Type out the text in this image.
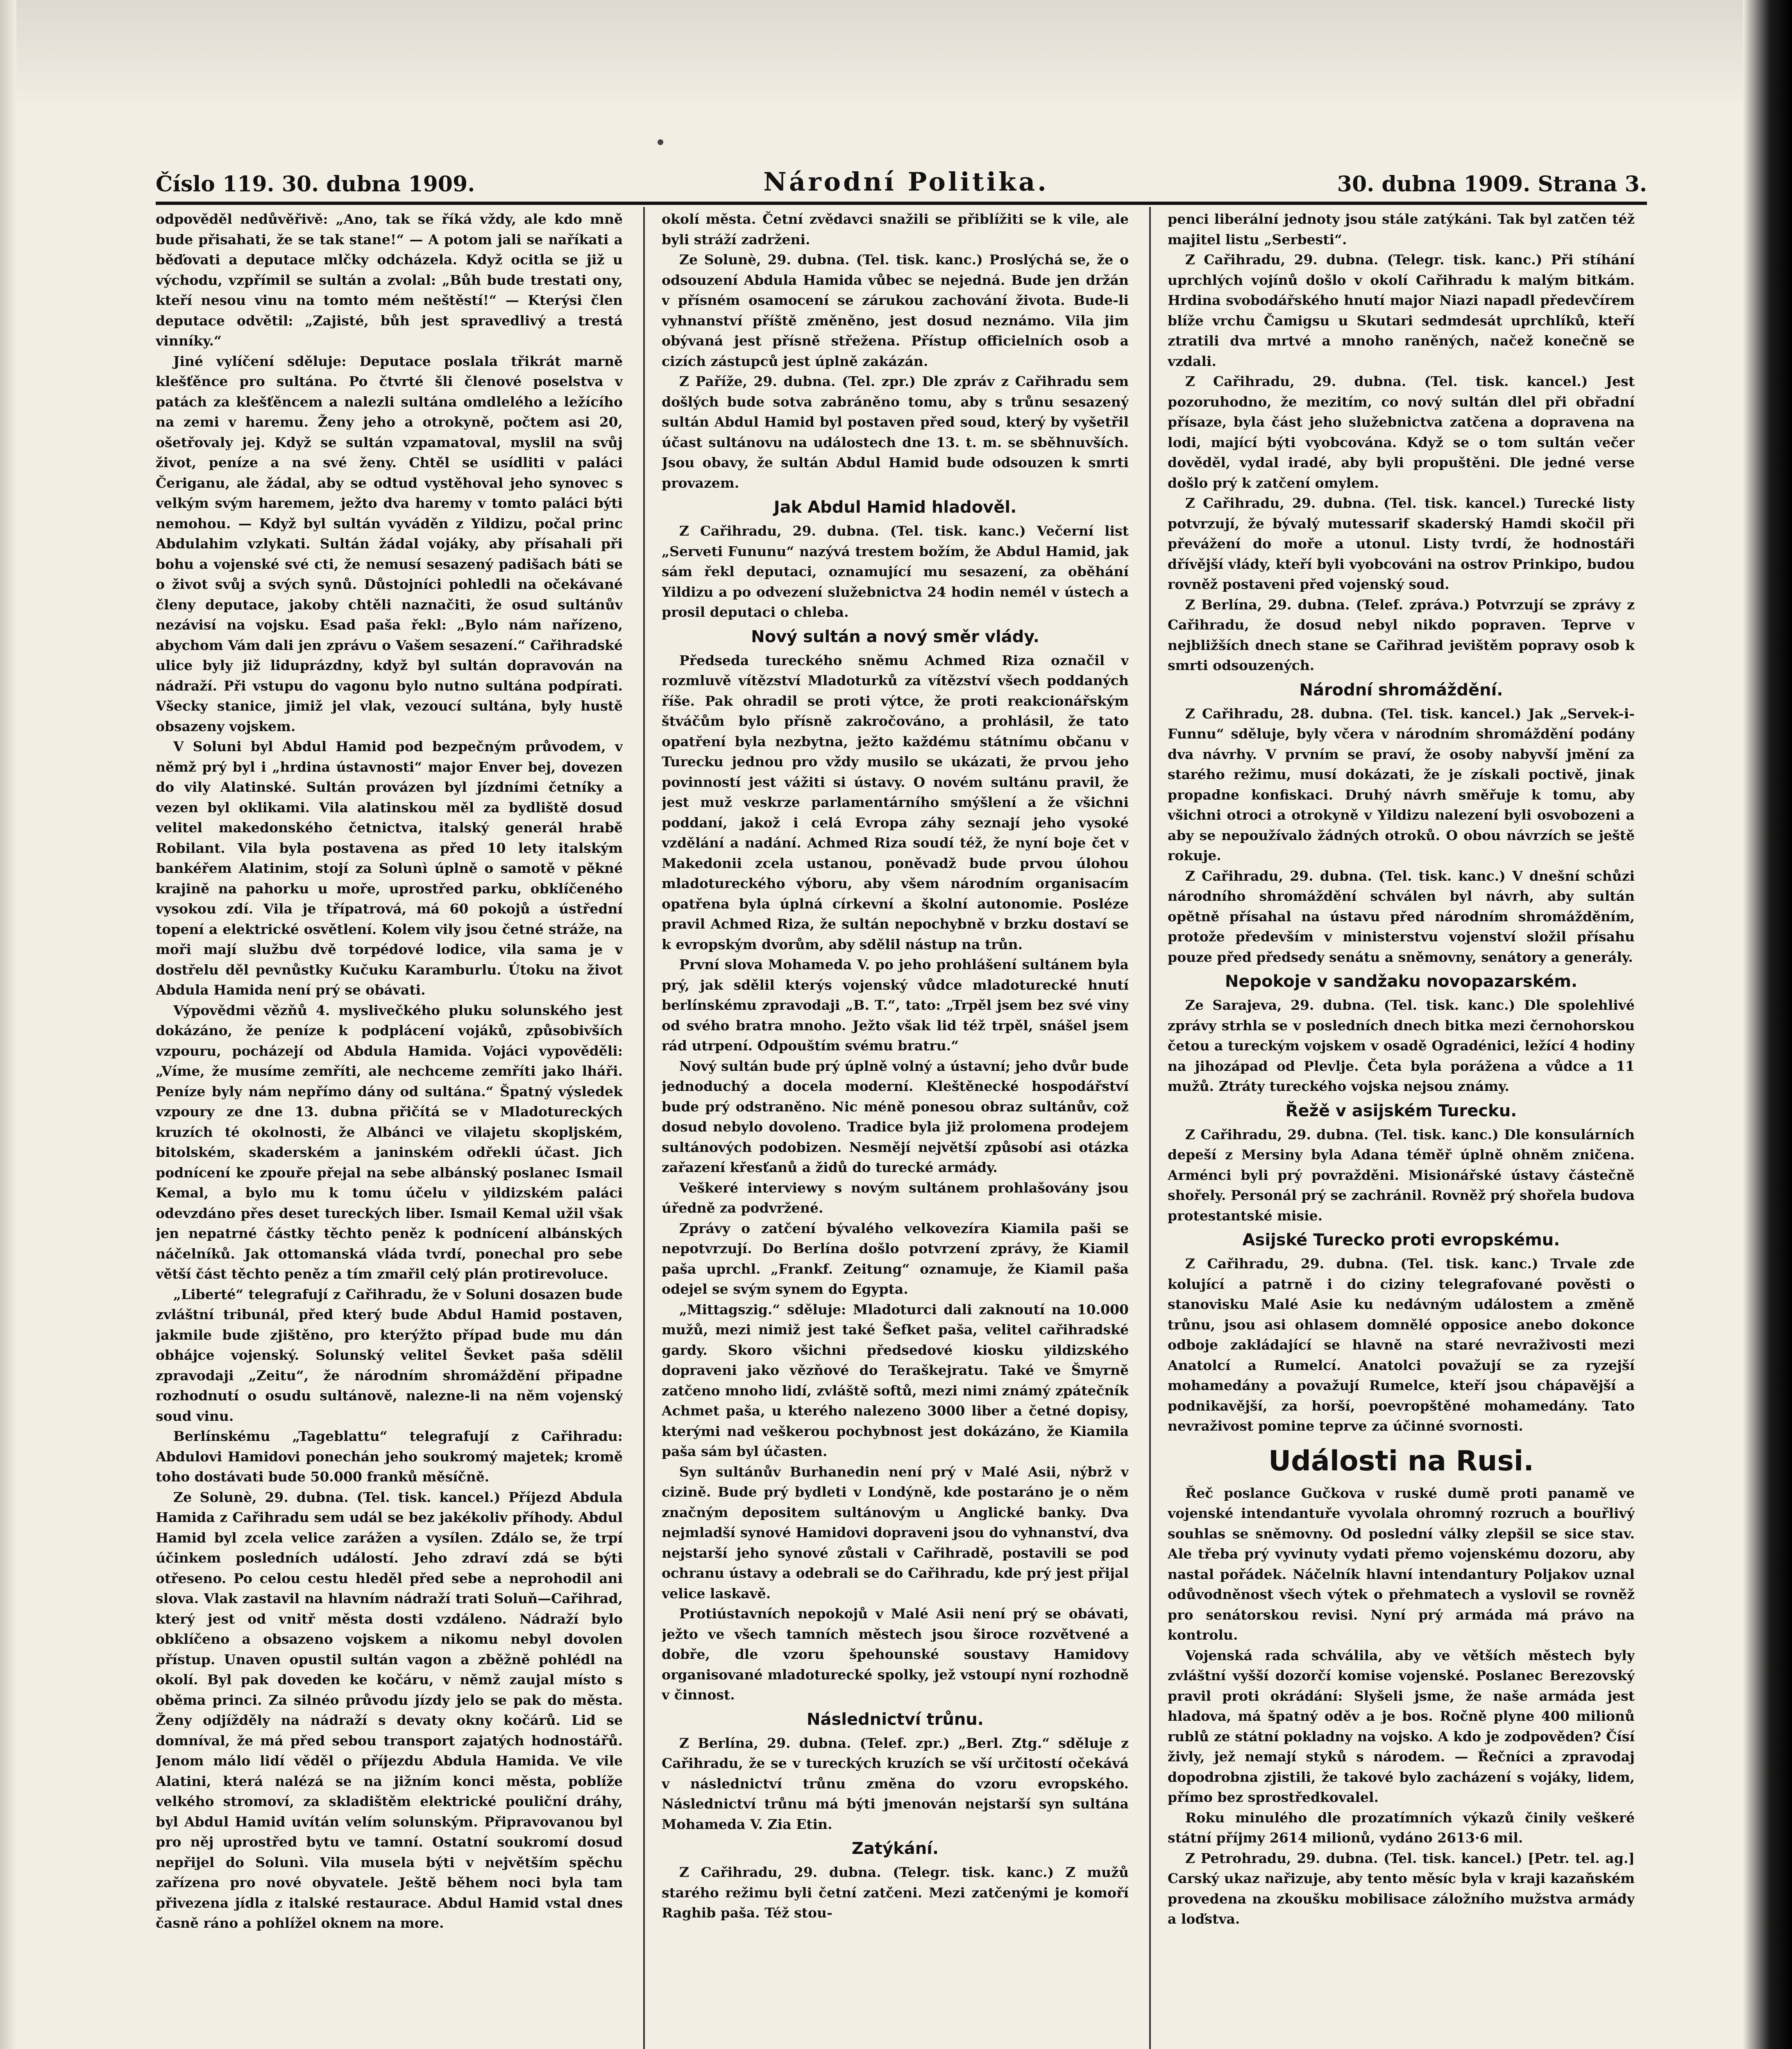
Číslo 119. 30. dubna 1909.	Národní Politika.	30. dubna 1909. Strana 3.

odpověděl nedůvěřivě: „Ano, tak se říká vždy, ale kdo mně bude přisahati, že se tak stane!“ — A potom jali se naříkati a běďovati a deputace mlčky odcházela. Když ocitla se již u východu, vzpřímil se sultán a zvolal: „Bůh bude trestati ony, kteří nesou vinu na tomto mém neštěstí!“ — Kterýsi člen deputace odvětil: „Zajisté, bůh jest spravedlivý a trestá vinníky.“

Jiné vylíčení sděluje: Deputace poslala třikrát marně klešťěnce pro sultána. Po čtvrté šli členové poselstva v patách za klešťěncem a nalezli sultána omdlelého a ležícího na zemi v haremu. Ženy jeho a otrokyně, počtem asi 20, ošetřovaly jej. Když se sultán vzpamatoval, myslil na svůj život, peníze a na své ženy. Chtěl se usídliti v paláci Čeriganu, ale žádal, aby se odtud vystěhoval jeho synovec s velkým svým haremem, ježto dva haremy v tomto paláci býti nemohou. — Když byl sultán vyváděn z Yildizu, počal princ Abdulahim vzlykati. Sultán žádal vojáky, aby přísahali při bohu a vojenské své cti, že nemusí sesazený padišach báti se o život svůj a svých synů. Důstojníci pohledli na očekávané členy deputace, jakoby chtěli naznačiti, že osud sultánův nezávisí na vojsku. Esad paša řekl: „Bylo nám nařízeno, abychom Vám dali jen zprávu o Vašem sesazení.“ Cařihradské ulice byly již liduprázdny, když byl sultán dopravován na nádraží. Při vstupu do vagonu bylo nutno sultána podpírati. Všecky stanice, jimiž jel vlak, vezoucí sultána, byly hustě obsazeny vojskem.

V Soluni byl Abdul Hamid pod bezpečným průvodem, v němž prý byl i „hrdina ústavnosti“ major Enver bej, dovezen do vily Alatinské. Sultán provázen byl jízdními četníky a vezen byl oklikami. Vila alatinskou měl za bydliště dosud velitel makedonského četnictva, italský generál hrabě Robilant. Vila byla postavena as před 10 lety italským bankéřem Alatinim, stojí za Solunì úplně o samotě v pěkné krajině na pahorku u moře, uprostřed parku, obklíčeného vysokou zdí. Vila je třípatrová, má 60 pokojů a ústřední topení a elektrické osvětlení. Kolem vily jsou četné stráže, na moři mají službu dvě torpédové lodice, vila sama je v dostřelu děl pevnůstky Kučuku Karamburlu. Útoku na život Abdula Hamida není prý se obávati.

Výpovědmi vězňů 4. myslivečkého pluku solunského jest dokázáno, že peníze k podplácení vojáků, způsobivších vzpouru, pocházejí od Abdula Hamida. Vojáci vypověděli: „Víme, že musíme zemříti, ale nechceme zemříti jako lháři. Peníze byly nám nepřímo dány od sultána.“ Špatný výsledek vzpoury ze dne 13. dubna přičítá se v Mladotureckých kruzích té okolnosti, že Albánci ve vilajetu skopljském, bitolském, skaderském a janinském odřekli účast. Jich podnícení ke zpouře přejal na sebe albánský poslanec Ismail Kemal, a bylo mu k tomu účelu v yildizském paláci odevzdáno přes deset tureckých liber. Ismail Kemal užil však jen nepatrné částky těchto peněz k podnícení albánských náčelníků. Jak ottomanská vláda tvrdí, ponechal pro sebe větší část těchto peněz a tím zmařil celý plán protirevoluce.

„Liberté“ telegrafují z Cařihradu, že v Soluni dosazen bude zvláštní tribunál, před který bude Abdul Hamid postaven, jakmile bude zjištěno, pro kterýžto případ bude mu dán obhájce vojenský. Solunský velitel Ševket paša sdělil zpravodaji „Zeitu“, že národním shromáždění připadne rozhodnutí o osudu sultánově, nalezne-li na něm vojenský soud vinu.

Berlínskému „Tageblattu“ telegrafují z Cařihradu: Abdulovi Hamidovi ponechán jeho soukromý majetek; kromě toho dostávati bude 50.000 franků měsíčně.

Ze Solunè, 29. dubna. (Tel. tisk. kancel.) Příjezd Abdula Hamida z Cařihradu sem udál se bez jakékoliv příhody. Abdul Hamid byl zcela velice zarážen a vysílen. Zdálo se, že trpí účinkem posledních událostí. Jeho zdraví zdá se býti otřeseno. Po celou cestu hleděl před sebe a neprohodil ani slova. Vlak zastavil na hlavním nádraží trati Soluň—Cařihrad, který jest od vnitř města dosti vzdáleno. Nádraží bylo obklíčeno a obsazeno vojskem a nikomu nebyl dovolen přístup. Unaven opustil sultán vagon a zběžně pohlédl na okolí. Byl pak doveden ke kočáru, v němž zaujal místo s oběma princi. Za silnéo průvodu jízdy jelo se pak do města. Ženy odjížděly na nádraží s devaty okny kočárů. Lid se domníval, že má před sebou transport zajatých hodnostářů. Jenom málo lidí věděl o příjezdu Abdula Hamida. Ve vile Alatini, která nalézá se na jižním konci města, poblíže velkého stromoví, za skladištěm elektrické pouliční dráhy, byl Abdul Hamid uvítán velím solunským. Připravovanou byl pro něj uprostřed bytu ve tamní. Ostatní soukromí dosud nepřijel do Solunì. Vila musela býti v největším spěchu zařízena pro nové obyvatele. Ještě během noci byla tam přivezena jídla z italské restaurace. Abdul Hamid vstal dnes časně ráno a pohlížel oknem na more.

okolí města. Četní zvědavci snažili se přiblížiti se k vile, ale byli stráží zadrženi.

Ze Solunè, 29. dubna. (Tel. tisk. kanc.) Proslýchá se, že o odsouzení Abdula Hamida vůbec se nejedná. Bude jen držán v přísném osamocení se zárukou zachování života. Bude-li vyhnanství příště změněno, jest dosud neznámo. Vila jim obývaná jest přísně střežena. Přístup officielních osob a cizích zástupců jest úplně zakázán.

Z Paříže, 29. dubna. (Tel. zpr.) Dle zpráv z Cařihradu sem došlých bude sotva zabráněno tomu, aby s trůnu sesazený sultán Abdul Hamid byl postaven před soud, který by vyšetřil účast sultánovu na událostech dne 13. t. m. se sběhnuvších. Jsou obavy, že sultán Abdul Hamid bude odsouzen k smrti provazem.

Jak Abdul Hamid hladověl.

Z Cařihradu, 29. dubna. (Tel. tisk. kanc.) Večerní list „Serveti Fununu“ nazývá trestem božím, že Abdul Hamid, jak sám řekl deputaci, oznamující mu sesazení, za oběhání Yildizu a po odvezení služebnictva 24 hodin nemél v ústech a prosil deputaci o chleba.

Nový sultán a nový směr vlády.

Předseda tureckého sněmu Achmed Riza označil v rozmluvě vítězství Mladoturků za vítězství všech poddaných říše. Pak ohradil se proti výtce, že proti reakcionářským štváčům bylo přísně zakročováno, a prohlásil, že tato opatření byla nezbytna, ježto každému státnímu občanu v Turecku jednou pro vždy musilo se ukázati, že prvou jeho povinností jest vážiti si ústavy. O novém sultánu pravil, že jest muž veskrze parlamentárního smýšlení a že všichni poddaní, jakož i celá Evropa záhy seznají jeho vysoké vzdělání a nadání. Achmed Riza soudí též, že nyní boje čet v Makedonii zcela ustanou, poněvadž bude prvou úlohou mladotureckého výboru, aby všem národním organisacím opatřena byla úplná církevní a školní autonomie. Posléze pravil Achmed Riza, že sultán nepochybně v brzku dostaví se k evropským dvorům, aby sdělil nástup na trůn.

První slova Mohameda V. po jeho prohlášení sultánem byla prý, jak sdělil kterýs vojenský vůdce mladoturecké hnutí berlínskému zpravodaji „B. T.“, tato: „Trpěl jsem bez své viny od svého bratra mnoho. Ježto však lid též trpěl, snášel jsem rád utrpení. Odpouštím svému bratru.“

Nový sultán bude prý úplně volný a ústavní; jeho dvůr bude jednoduchý a docela moderní. Kleštěnecké hospodářství bude prý odstraněno. Nic méně ponesou obraz sultánův, což dosud nebylo dovoleno. Tradice byla již prolomena prodejem sultánových podobizen. Nesmějí největší způsobí asi otázka zařazení křesťanů a židů do turecké armády.

Veškeré interviewy s novým sultánem prohlašovány jsou úředně za podvržené.

Zprávy o zatčení bývalého velkovezíra Kiamila paši se nepotvrzují. Do Berlína došlo potvrzení zprávy, že Kiamil paša uprchl. „Frankf. Zeitung“ oznamuje, že Kiamil paša odejel se svým synem do Egypta.

„Mittagszig.“ sděluje: Mladoturci dali zaknoutí na 10.000 mužů, mezi nimiž jest také Šefket paša, velitel cařihradské gardy. Skoro všichni předsedové kiosku yildizského dopraveni jako vězňové do Teraškejratu. Také ve Šmyrně zatčeno mnoho lidí, zvláště softů, mezi nimi známý zpátečník Achmet paša, u kterého nalezeno 3000 liber a četné dopisy, kterými nad veškerou pochybnost jest dokázáno, že Kiamila paša sám byl účasten.

Syn sultánův Burhanedin není prý v Malé Asii, nýbrž v cizině. Bude prý bydleti v Londýně, kde postaráno je o něm značným depositem sultánovým u Anglické banky. Dva nejmladší synové Hamidovi dopraveni jsou do vyhnanství, dva nejstarší jeho synové zůstali v Cařihradě, postavili se pod ochranu ústavy a odebrali se do Cařihradu, kde prý jest přijal velice laskavě.

Protiústavních nepokojů v Malé Asii není prý se obávati, ježto ve všech tamních městech jsou široce rozvětvené a dobře, dle vzoru špehounské soustavy Hamidovy organisované mladoturecké spolky, jež vstoupí nyní rozhodně v činnost.

Následnictví trůnu.

Z Berlína, 29. dubna. (Telef. zpr.) „Berl. Ztg.“ sděluje z Cařihradu, že se v tureckých kruzích se vší určitostí očekává v následnictví trůnu změna do vzoru evropského. Následnictví trůnu má býti jmenován nejstarší syn sultána Mohameda V. Zia Etin.

Zatýkání.

Z Cařihradu, 29. dubna. (Telegr. tisk. kanc.) Z mužů starého režimu byli četní zatčeni. Mezi zatčenými je komoří Raghib paša. Též stou-

penci liberální jednoty jsou stále zatýkáni. Tak byl zatčen též majitel listu „Serbesti“.

Z Cařihradu, 29. dubna. (Telegr. tisk. kanc.) Při stíhání uprchlých vojínů došlo v okolí Cařihradu k malým bitkám. Hrdina svobodářského hnutí major Niazi napadl předevčírem blíže vrchu Čamigsu u Skutari sedmdesát uprchlíků, kteří ztratili dva mrtvé a mnoho raněných, načež konečně se vzdali.

Z Cařihradu, 29. dubna. (Tel. tisk. kancel.) Jest pozoruhodno, že mezitím, co nový sultán dlel při obřadní přísaze, byla část jeho služebnictva zatčena a dopravena na lodi, mající býti vyobcována. Když se o tom sultán večer dověděl, vydal iradé, aby byli propuštěni. Dle jedné verse došlo prý k zatčení omylem.

Z Cařihradu, 29. dubna. (Tel. tisk. kancel.) Turecké listy potvrzují, že bývalý mutessarif skaderský Hamdi skočil při převážení do moře a utonul. Listy tvrdí, že hodnostáři dřívější vlády, kteří byli vyobcováni na ostrov Prinkipo, budou rovněž postaveni před vojenský soud.

Z Berlína, 29. dubna. (Telef. zpráva.) Potvrzují se zprávy z Cařihradu, že dosud nebyl nikdo popraven. Teprve v nejbližších dnech stane se Cařihrad jevištěm popravy osob k smrti odsouzených.

Národní shromáždění.

Z Cařihradu, 28. dubna. (Tel. tisk. kancel.) Jak „Servek-i-Funnu“ sděluje, byly včera v národním shromáždění podány dva návrhy. V prvním se praví, že osoby nabyvší jmění za starého režimu, musí dokázati, že je získali poctivě, jinak propadne konfiskaci. Druhý návrh směřuje k tomu, aby všichni otroci a otrokyně v Yildizu nalezení byli osvobozeni a aby se nepoužívalo žádných otroků. O obou návrzích se ještě rokuje.

Z Cařihradu, 29. dubna. (Tel. tisk. kanc.) V dnešní schůzi národního shromáždění schválen byl návrh, aby sultán opětně přísahal na ústavu před národním shromážděním, protože především v ministerstvu vojenství složil přísahu pouze před předsedy senátu a sněmovny, senátory a generály.

Nepokoje v sandžaku novopazarském.

Ze Sarajeva, 29. dubna. (Tel. tisk. kanc.) Dle spolehlivé zprávy strhla se v posledních dnech bitka mezi černohorskou četou a tureckým vojskem v osadě Ogradénici, ležící 4 hodiny na jihozápad od Plevlje. Četa byla porážena a vůdce a 11 mužů. Ztráty tureckého vojska nejsou známy.

Řežě v asijském Turecku.

Z Cařihradu, 29. dubna. (Tel. tisk. kanc.) Dle konsulárních depeší z Mersiny byla Adana téměř úplně ohněm zničena. Arménci byli prý povražděni. Misionářské ústavy částečně shořely. Personál prý se zachránil. Rovněž prý shořela budova protestantské misie.

Asijské Turecko proti evropskému.

Z Cařihradu, 29. dubna. (Tel. tisk. kanc.) Trvale zde kolující a patrně i do ciziny telegrafované pověsti o stanovisku Malé Asie ku nedávným událostem a změně trůnu, jsou asi ohlasem domnělé opposice anebo dokonce odboje zakládající se hlavně na staré nevraživosti mezi Anatolcí a Rumelcí. Anatolci považují se za ryzejší mohamedány a považují Rumelce, kteří jsou chápavější a podnikavější, za horší, poevropštěné mohamedány. Tato nevraživost pomine teprve za účinné svornosti.

Události na Rusi.

Řeč poslance Gučkova v ruské dumě proti panamě ve vojenské intendantuře vyvolala ohromný rozruch a bouřlivý souhlas se sněmovny. Od poslední války zlepšil se sice stav. Ale třeba prý vyvinuty vydati přemo vojenskému dozoru, aby nastal pořádek. Náčelník hlavní intendantury Poljakov uznal odůvodněnost všech výtek o přehmatech a vyslovil se rovněž pro senátorskou revisi. Nyní prý armáda má právo na kontrolu.

Vojenská rada schválila, aby ve větších městech byly zvláštní vyšší dozorčí komise vojenské. Poslanec Berezovský pravil proti okrádání: Slyšeli jsme, že naše armáda jest hladova, má špatný oděv a je bos. Ročně plyne 400 milionů rublů ze státní pokladny na vojsko. A kdo je zodpověden? Čísí živly, jež nemají styků s národem. — Řečníci a zpravodaj dopodrobna zjistili, že takové bylo zacházení s vojáky, lidem, přímo bez sprostředkovalel.

Roku minulého dle prozatímních výkazů činily veškeré státní příjmy 2614 milionů, vydáno 2613·6 mil.

Z Petrohradu, 29. dubna. (Tel. tisk. kancel.) [Petr. tel. ag.] Carský ukaz nařizuje, aby tento měsíc byla v kraji kazaňském provedena na zkoušku mobilisace záložního mužstva armády a loďstva.
